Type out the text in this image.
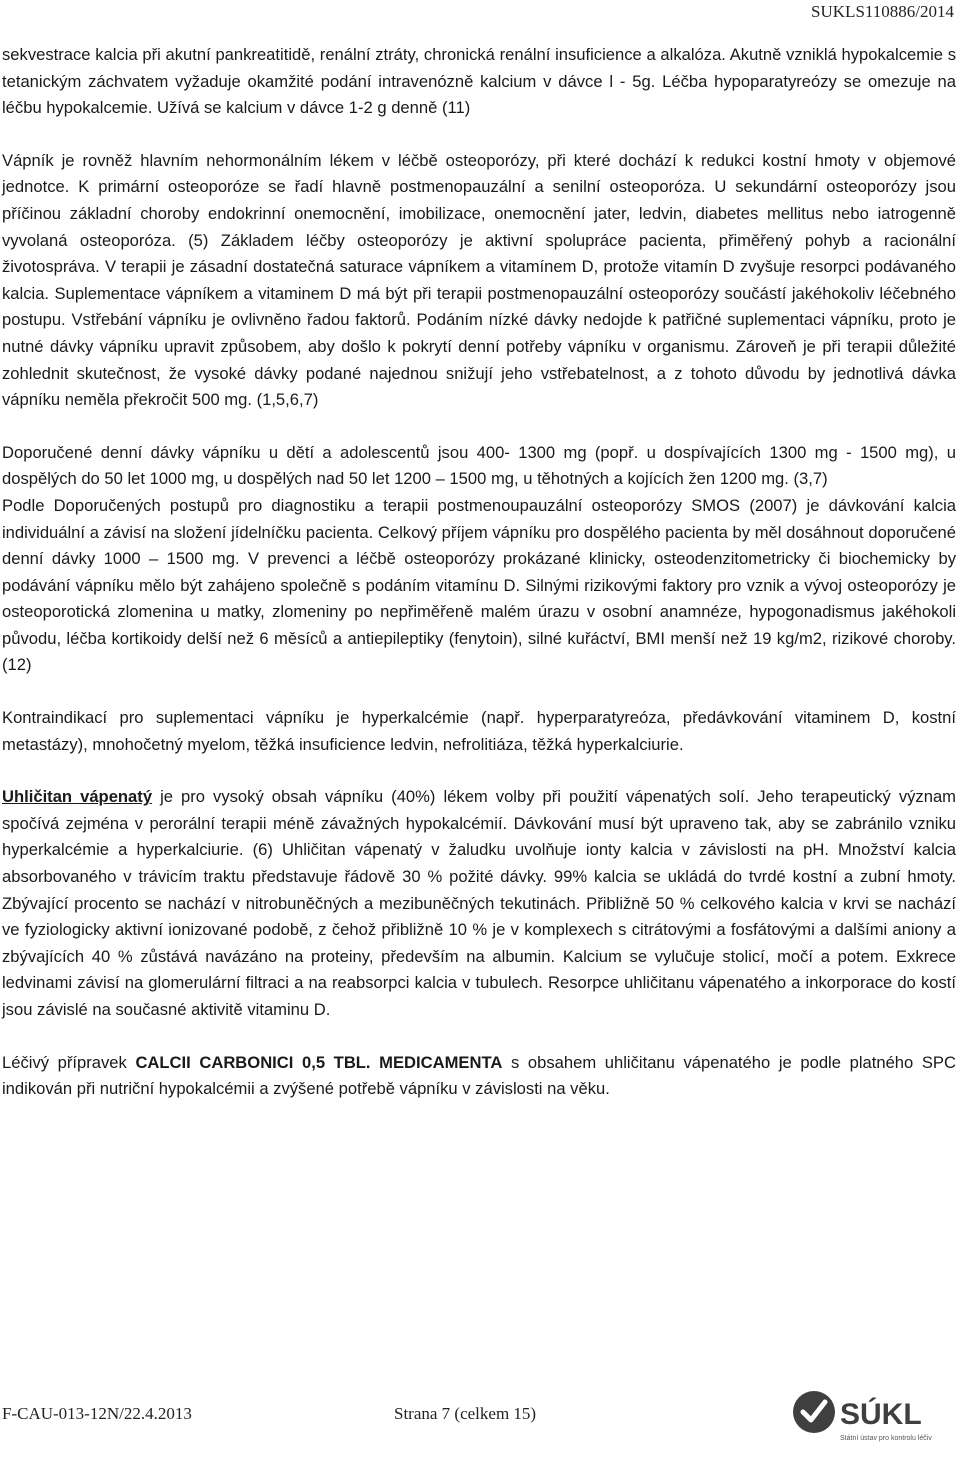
SUKLS110886/2014

sekvestrace kalcia při akutní pankreatitidě, renální ztráty, chronická renální insuficience a alkalóza. Akutně vzniklá hypokalcemie s tetanickým záchvatem vyžaduje okamžité podání intravenózně kalcium v dávce l - 5g. Léčba hypoparatyreózy se omezuje na léčbu hypokalcemie. Užívá se kalcium v dávce 1-2 g denně (11)

Vápník je rovněž hlavním nehormonálním lékem v léčbě osteoporózy, při které dochází k redukci kostní hmoty v objemové jednotce. K primární osteoporóze se řadí hlavně postmenopauzální a senilní osteoporóza. U sekundární osteoporózy jsou příčinou základní choroby endokrinní onemocnění, imobilizace, onemocnění jater, ledvin, diabetes mellitus nebo iatrogenně vyvolaná osteoporóza. (5) Základem léčby osteoporózy je aktivní spolupráce pacienta, přiměřený pohyb a racionální životospráva. V terapii je zásadní dostatečná saturace vápníkem a vitamínem D, protože vitamín D zvyšuje resorpci podávaného kalcia. Suplementace vápníkem a vitaminem D má být při terapii postmenopauzální osteoporózy součástí jakéhokoliv léčebného postupu. Vstřebání vápníku je ovlivněno řadou faktorů. Podáním nízké dávky nedojde k patřičné suplementaci vápníku, proto je nutné dávky vápníku upravit způsobem, aby došlo k pokrytí denní potřeby vápníku v organismu. Zároveň je při terapii důležité zohlednit skutečnost, že vysoké dávky podané najednou snižují jeho vstřebatelnost, a z tohoto důvodu by jednotlivá dávka vápníku neměla překročit 500 mg. (1,5,6,7)

Doporučené denní dávky vápníku u dětí a adolescentů jsou 400- 1300 mg (popř. u dospívajících 1300 mg - 1500 mg), u dospělých do 50 let 1000 mg, u dospělých nad 50 let 1200 – 1500 mg, u těhotných a kojících žen 1200 mg. (3,7)

Podle Doporučených postupů pro diagnostiku a terapii postmenoupauzální osteoporózy SMOS (2007) je dávkování kalcia individuální a závisí na složení jídelníčku pacienta. Celkový příjem vápníku pro dospělého pacienta by měl dosáhnout doporučené denní dávky 1000 – 1500 mg. V prevenci a léčbě osteoporózy prokázané klinicky, osteodenzitometricky či biochemicky by podávání vápníku mělo být zahájeno společně s podáním vitamínu D. Silnými rizikovými faktory pro vznik a vývoj osteoporózy je osteoporotická zlomenina u matky, zlomeniny po nepřiměřeně malém úrazu v osobní anamnéze, hypogonadismus jakéhokoli původu, léčba kortikoidy delší než 6 měsíců a antiepileptiky (fenytoin), silné kuřáctví, BMI menší než 19 kg/m2, rizikové choroby. (12)

Kontraindikací pro suplementaci vápníku je hyperkalcémie (např. hyperparatyreóza, předávkování vitaminem D, kostní metastázy), mnohočetný myelom, těžká insuficience ledvin, nefrolitiáza, těžká hyperkalciurie.

Uhličitan vápenatý je pro vysoký obsah vápníku (40%) lékem volby při použití vápenatých solí. Jeho terapeutický význam spočívá zejména v perorální terapii méně závažných hypokalcémií. Dávkování musí být upraveno tak, aby se zabránilo vzniku hyperkalcémie a hyperkalciurie. (6) Uhličitan vápenatý v žaludku uvolňuje ionty kalcia v závislosti na pH. Množství kalcia absorbovaného v trávicím traktu představuje řádově 30 % požité dávky. 99% kalcia se ukládá do tvrdé kostní a zubní hmoty. Zbývající procento se nachází v nitrobuněčných a mezibuněčných tekutinách. Přibližně 50 % celkového kalcia v krvi se nachází ve fyziologicky aktivní ionizované podobě, z čehož přibližně 10 % je v komplexech s citrátovými a fosfátovými a dalšími aniony a zbývajících 40 % zůstává navázáno na proteiny, především na albumin. Kalcium se vylučuje stolicí, močí a potem. Exkrece ledvinami závisí na glomerulární filtraci a na reabsorpci kalcia v tubulech. Resorpce uhličitanu vápenatého a inkorporace do kostí jsou závislé na současné aktivitě vitaminu D.

Léčivý přípravek CALCII CARBONICI 0,5 TBL. MEDICAMENTA s obsahem uhličitanu vápenatého je podle platného SPC indikován při nutriční hypokalcémii a zvýšené potřebě vápníku v závislosti na věku.

F-CAU-013-12N/22.4.2013	Strana 7 (celkem 15)	SÚKL
Státní ústav pro kontrolu léčiv
